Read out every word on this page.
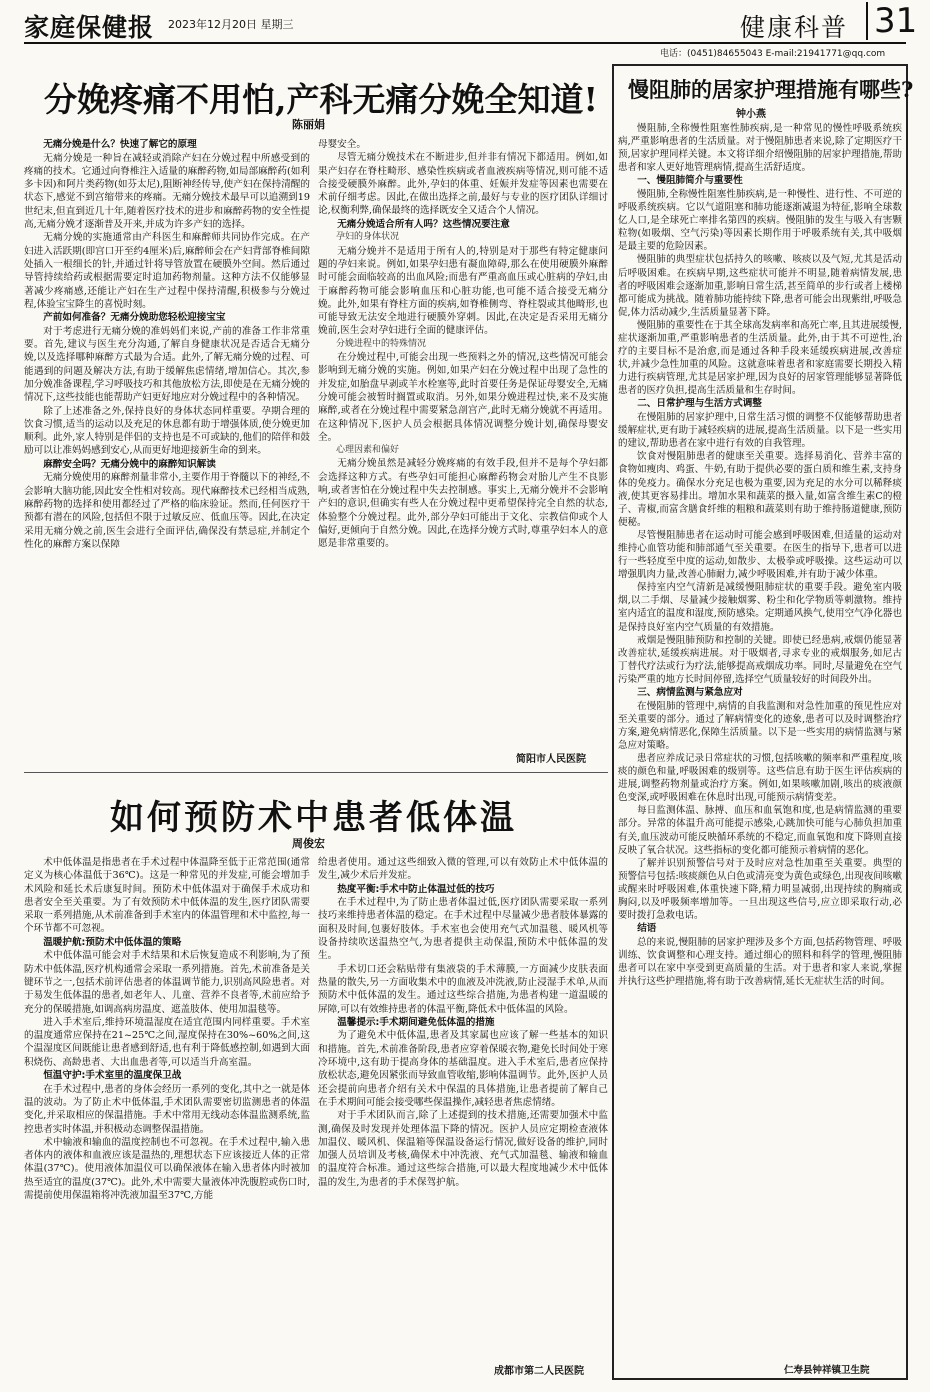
家庭保健报 2023年12月20日 星期三	健康科普 31
电话：(0451)84655043 E-mail:21941771@qq.com
分娩疼痛不用怕,产科无痛分娩全知道!
陈丽娟
无痛分娩是什么？快速了解它的原理

无痛分娩是一种旨在减轻或消除产妇在分娩过程中所感受到的疼痛的技术。它通过向脊椎注入适量的麻醉药物,如局部麻醉药(如利多卡因)和阿片类药物(如芬太尼),阻断神经传导,使产妇在保持清醒的状态下,感觉不到宫缩带来的疼痛。无痛分娩技术最早可以追溯到19世纪末,但直到近几十年,随着医疗技术的进步和麻醉药物的安全性提高,无痛分娩才逐渐普及开来,并成为许多产妇的选择。

无痛分娩的实施通常由产科医生和麻醉师共同协作完成。在产妇进入活跃期(即宫口开至约4厘米)后,麻醉师会在产妇背部脊椎间隙处插入一根细长的针,并通过针将导管放置在硬膜外空间。然后通过导管持续给药或根据需要定时追加药物剂量。这种方法不仅能够显著减少疼痛感,还能让产妇在生产过程中保持清醒,积极参与分娩过程,体验宝宝降生的喜悦时刻。

产前如何准备？无痛分娩助您轻松迎接宝宝

对于考虑进行无痛分娩的准妈妈们来说,产前的准备工作非常重要。首先,建议与医生充分沟通,了解自身健康状况是否适合无痛分娩,以及选择哪种麻醉方式最为合适。此外,了解无痛分娩的过程、可能遇到的问题及解决方法,有助于缓解焦虑情绪,增加信心。其次,参加分娩准备课程,学习呼吸技巧和其他放松方法,即使是在无痛分娩的情况下,这些技能也能帮助产妇更好地应对分娩过程中的各种情况。

除了上述准备之外,保持良好的身体状态同样重要。孕期合理的饮食习惯,适当的运动以及充足的休息都有助于增强体质,使分娩更加顺利。此外,家人特别是伴侣的支持也是不可或缺的,他们的陪伴和鼓励可以让准妈妈感到安心,从而更好地迎接新生命的到来。

麻醉安全吗？无痛分娩中的麻醉知识解读

无痛分娩使用的麻醉剂量非常小,主要作用于脊髓以下的神经,不会影响大脑功能,因此安全性相对较高。现代麻醉技术已经相当成熟,麻醉药物的选择和使用都经过了严格的临床验证。然而,任何医疗干预都有潜在的风险,包括但不限于过敏反应、低血压等。因此,在决定采用无痛分娩之前,医生会进行全面评估,确保没有禁忌症,并制定个性化的麻醉方案以保障

母婴安全。

尽管无痛分娩技术在不断进步,但并非有情况下都适用。例如,如果产妇存在脊柱畸形、感染性疾病或者血液疾病等情况,则可能不适合接受硬膜外麻醉。此外,孕妇的体重、妊娠并发症等因素也需要在术前仔细考虑。因此,在做出选择之前,最好与专业的医疗团队详细讨论,权衡利弊,确保最终的选择既安全又适合个人情况。

无痛分娩适合所有人吗？这些情况要注意
孕妇的身体状况

无痛分娩并不是适用于所有人的,特别是对于那些有特定健康问题的孕妇来说。例如,如果孕妇患有凝血障碍,那么在使用硬膜外麻醉时可能会面临较高的出血风险;而患有严重高血压或心脏病的孕妇,由于麻醉药物可能会影响血压和心脏功能,也可能不适合接受无痛分娩。此外,如果有脊柱方面的疾病,如脊椎侧弯、脊柱裂或其他畸形,也可能导致无法安全地进行硬膜外穿刺。因此,在决定是否采用无痛分娩前,医生会对孕妇进行全面的健康评估。

分娩进程中的特殊情况

在分娩过程中,可能会出现一些预料之外的情况,这些情况可能会影响到无痛分娩的实施。例如,如果产妇在分娩过程中出现了急性的并发症,如胎盘早剥或羊水栓塞等,此时首要任务是保证母婴安全,无痛分娩可能会被暂时搁置或取消。另外,如果分娩进程过快,来不及实施麻醉,或者在分娩过程中需要紧急剖宫产,此时无痛分娩就不再适用。在这种情况下,医护人员会根据具体情况调整分娩计划,确保母婴安全。

心理因素和偏好

无痛分娩虽然是减轻分娩疼痛的有效手段,但并不是每个孕妇都会选择这种方式。有些孕妇可能担心麻醉药物会对胎儿产生不良影响,或者害怕在分娩过程中失去控制感。事实上,无痛分娩并不会影响产妇的意识,但确实有些人在分娩过程中更希望保持完全自然的状态,体验整个分娩过程。此外,部分孕妇可能出于文化、宗教信仰或个人偏好,更倾向于自然分娩。因此,在选择分娩方式时,尊重孕妇本人的意愿是非常重要的。

简阳市人民医院
如何预防术中患者低体温
周俊宏

术中低体温是指患者在手术过程中体温降至低于正常范围(通常定义为核心体温低于36℃)。这是一种常见的并发症,可能会增加手术风险和延长术后康复时间。预防术中低体温对于确保手术成功和患者安全至关重要。为了有效预防术中低体温的发生,医疗团队需要采取一系列措施,从术前准备到手术室内的体温管理和术中监控,每一个环节都不可忽视。

温暖护航:预防术中低体温的策略

术中低体温可能会对手术结果和术后恢复造成不利影响,为了预防术中低体温,医疗机构通常会采取一系列措施。首先,术前准备是关键环节之一,包括术前评估患者的体温调节能力,识别高风险患者。对于易发生低体温的患者,如老年人、儿童、营养不良者等,术前应给予充分的保暖措施,如调高病房温度、遮盖肢体、使用加温毯等。

进入手术室后,维持环境温湿度在适宜范围内同样重要。手术室的温度通常应保持在21~25℃之间,湿度保持在30%~60%之间,这个温湿度区间既能让患者感到舒适,也有利于降低感控制,如遇到大面积烧伤、高龄患者、大出血患者等,可以适当升高室温。

恒温守护:手术室里的温度保卫战

在手术过程中,患者的身体会经历一系列的变化,其中之一就是体温的波动。为了防止术中低体温,手术团队需要密切监测患者的体温变化,并采取相应的保温措施。手术中常用无线动态体温监测系统,监控患者实时体温,并积极动态调整保温措施。

术中输液和输血的温度控制也不可忽视。在手术过程中,输入患者体内的液体和血液应该是温热的,理想状态下应该接近人体的正常体温(37℃)。使用液体加温仪可以确保液体在输入患者体内时被加热至适宜的温度(37℃)。此外,术中需要大量液体冲洗腹腔或伤口时,需提前使用保温箱将冲洗液加温至37℃,方能

给患者使用。通过这些细致入微的管理,可以有效防止术中低体温的发生,减少术后并发症。

热度平衡:手术中防止体温过低的技巧

在手术过程中,为了防止患者体温过低,医疗团队需要采取一系列技巧来维持患者体温的稳定。在手术过程中尽量减少患者肢体暴露的面积及时间,包裹好肢体。手术室也会使用充气式加温毯、暖风机等设备持续吹送温热空气,为患者提供主动保温,预防术中低体温的发生。

手术切口还会粘贴带有集液袋的手术薄膜,一方面减少皮肤表面热量的散失,另一方面收集术中的血液及冲洗液,防止浸湿手术单,从而预防术中低体温的发生。通过这些综合措施,为患者构建一道温暖的屏障,可以有效维持患者的体温平衡,降低术中低体温的风险。

温馨提示:手术期间避免低体温的措施

为了避免术中低体温,患者及其家属也应该了解一些基本的知识和措施。首先,术前准备阶段,患者应穿着保暖衣物,避免长时间处于寒冷环境中,这有助于提高身体的基础温度。进入手术室后,患者应保持放松状态,避免因紧张而导致血管收缩,影响体温调节。此外,医护人员还会提前向患者介绍有关术中保温的具体措施,让患者提前了解自己在手术期间可能会接受哪些保温操作,减轻患者焦虑情绪。

对于手术团队而言,除了上述提到的技术措施,还需要加强术中监测,确保及时发现并处理体温下降的情况。医护人员应定期检查液体加温仪、暖风机、保温箱等保温设备运行情况,做好设备的维护,同时加强人员培训及考核,确保术中冲洗液、充气式加温毯、输液和输血的温度符合标准。通过这些综合措施,可以最大程度地减少术中低体温的发生,为患者的手术保驾护航。

成都市第二人民医院
慢阻肺的居家护理措施有哪些?
钟小燕

慢阻肺,全称慢性阻塞性肺疾病,是一种常见的慢性呼吸系统疾病,严重影响患者的生活质量。对于慢阻肺患者来说,除了定期医疗干预,居家护理同样关键。本文将详细介绍慢阻肺的居家护理措施,帮助患者和家人更好地管理病情,提高生活舒适度。

一、慢阻肺简介与重要性

慢阻肺,全称慢性阻塞性肺疾病,是一种慢性、进行性、不可逆的呼吸系统疾病。它以气道阻塞和肺功能逐渐减退为特征,影响全球数亿人口,是全球死亡率排名第四的疾病。慢阻肺的发生与吸入有害颗粒物(如吸烟、空气污染)等因素长期作用于呼吸系统有关,其中吸烟是最主要的危险因素。

慢阻肺的典型症状包括持久的咳嗽、咳痰以及气短,尤其是活动后呼吸困难。在疾病早期,这些症状可能并不明显,随着病情发展,患者的呼吸困难会逐渐加重,影响日常生活,甚至简单的步行或者上楼梯都可能成为挑战。随着肺功能持续下降,患者可能会出现紫绀,呼吸急促,体力活动减少,生活质量显著下降。

慢阻肺的重要性在于其全球高发病率和高死亡率,且其进展缓慢,症状逐渐加重,严重影响患者的生活质量。此外,由于其不可逆性,治疗的主要目标不是治愈,而是通过各种手段来延缓疾病进展,改善症状,并减少急性加重的风险。这就意味着患者和家庭需要长期投入精力进行疾病管理,尤其是居家护理,因为良好的居家管理能够显著降低患者的医疗负担,提高生活质量和生存时间。

二、日常护理与生活方式调整

在慢阻肺的居家护理中,日常生活习惯的调整不仅能够帮助患者缓解症状,更有助于减轻疾病的进展,提高生活质量。以下是一些实用的建议,帮助患者在家中进行有效的自我管理。

饮食对慢阻肺患者的健康至关重要。选择易消化、营养丰富的食物如瘦肉、鸡蛋、牛奶,有助于提供必要的蛋白质和维生素,支持身体的免疫力。确保水分充足也极为重要,因为充足的水分可以稀释痰液,使其更容易排出。增加水果和蔬菜的摄入量,如富含维生素C的橙子、青椒,而富含膳食纤维的粗粮和蔬菜则有助于维持肠道健康,预防便秘。

尽管慢阻肺患者在运动时可能会感到呼吸困难,但适量的运动对维持心血管功能和肺部通气至关重要。在医生的指导下,患者可以进行一些轻度至中度的运动,如散步、太极拳或呼吸操。这些运动可以增强肌肉力量,改善心肺耐力,减少呼吸困难,并有助于减少体重。

保持室内空气清新是减缓慢阻肺症状的重要手段。避免室内吸烟,以二手烟、尽量减少接触烟雾、粉尘和化学物质等刺激物。维持室内适宜的温度和湿度,预防感染。定期通风换气,使用空气净化器也是保持良好室内空气质量的有效措施。

戒烟是慢阻肺预防和控制的关键。即使已经患病,戒烟仍能显著改善症状,延缓疾病进展。对于吸烟者,寻求专业的戒烟服务,如尼古丁替代疗法或行为疗法,能够提高戒烟成功率。同时,尽量避免在空气污染严重的地方长时间停留,选择空气质量较好的时间段外出。

三、病情监测与紧急应对

在慢阻肺的管理中,病情的自我监测和对急性加重的预见性应对至关重要的部分。通过了解病情变化的迹象,患者可以及时调整治疗方案,避免病情恶化,保障生活质量。以下是一些实用的病情监测与紧急应对策略。

患者应养成记录日常症状的习惯,包括咳嗽的频率和严重程度,咳痰的颜色和量,呼吸困难的级别等。这些信息有助于医生评估疾病的进展,调整药物剂量或治疗方案。例如,如果咳嗽加剧,咳出的痰液颜色变深,或呼吸困难在休息时出现,可能预示病情变差。

每日监测体温、脉搏、血压和血氧饱和度,也是病情监测的重要部分。异常的体温升高可能提示感染,心跳加快可能与心肺负担加重有关,血压波动可能反映循环系统的不稳定,而血氧饱和度下降则直接反映了氧合状况。这些指标的变化都可能预示着病情的恶化。

了解并识别预警信号对于及时应对急性加重至关重要。典型的预警信号包括:咳痰颜色从白色或清亮变为黄色或绿色,出现夜间咳嗽或醒来时呼吸困难,体重快速下降,精力明显减弱,出现持续的胸痛或胸闷,以及呼吸频率增加等。一旦出现这些信号,应立即采取行动,必要时拨打急救电话。

结语

总的来说,慢阻肺的居家护理涉及多个方面,包括药物管理、呼吸训练、饮食调整和心理支持。通过细心的照料和科学的管理,慢阻肺患者可以在家中享受到更高质量的生活。对于患者和家人来说,掌握并执行这些护理措施,将有助于改善病情,延长无症状生活的时间。

仁寿县钟祥镇卫生院
